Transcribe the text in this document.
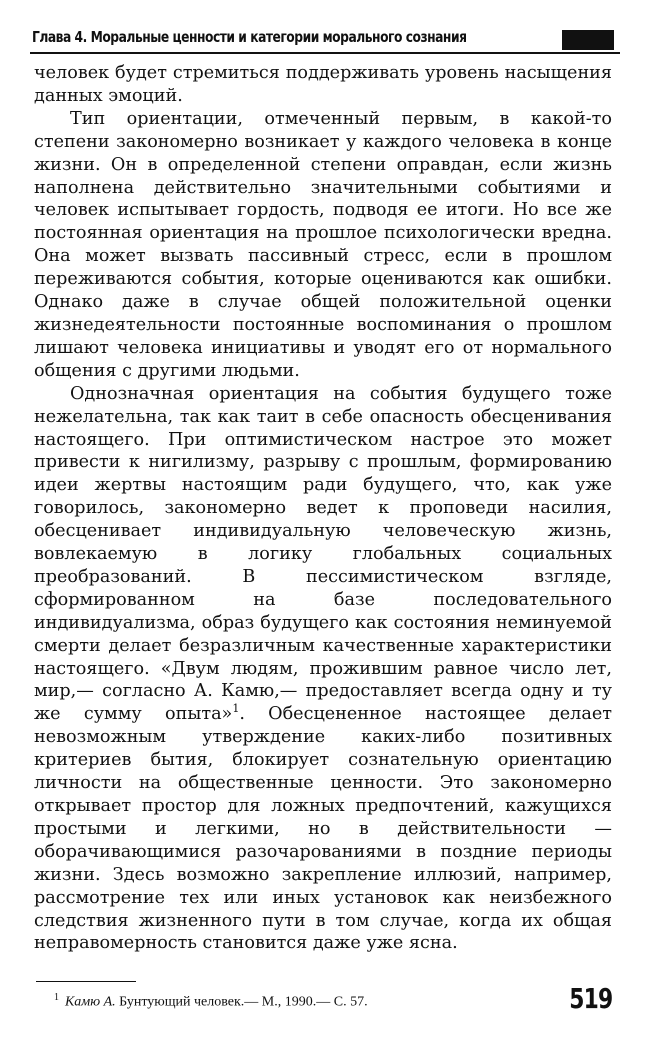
Глава 4. Моральные ценности и категории морального сознания

человек будет стремиться поддерживать уровень насыщения данных эмоций.

Тип ориентации, отмеченный первым, в какой-то степени закономерно возникает у каждого человека в конце жизни. Он в определенной степени оправдан, если жизнь наполнена действительно значительными событиями и человек испытывает гордость, подводя ее итоги. Но все же постоянная ориентация на прошлое психологически вредна. Она может вызвать пассивный стресс, если в прошлом переживаются события, которые оцениваются как ошибки. Однако даже в случае общей положительной оценки жизнедеятельности постоянные воспоминания о прошлом лишают человека инициативы и уводят его от нормального общения с другими людьми.

Однозначная ориентация на события будущего тоже нежелательна, так как таит в себе опасность обесценивания настоящего. При оптимистическом настрое это может привести к нигилизму, разрыву с прошлым, формированию идеи жертвы настоящим ради будущего, что, как уже говорилось, закономерно ведет к проповеди насилия, обесценивает индивидуальную человеческую жизнь, вовлекаемую в логику глобальных социальных преобразований. В пессимистическом взгляде, сформированном на базе последовательного индивидуализма, образ будущего как состояния неминуемой смерти делает безразличным качественные характеристики настоящего. «Двум людям, прожившим равное число лет, мир,— согласно А. Камю,— предоставляет всегда одну и ту же сумму опыта»$^1$. Обесцененное настоящее делает невозможным утверждение каких-либо позитивных критериев бытия, блокирует сознательную ориентацию личности на общественные ценности. Это закономерно открывает простор для ложных предпочтений, кажущихся простыми и легкими, но в действительности — оборачивающимися разочарованиями в поздние периоды жизни. Здесь возможно закрепление иллюзий, например, рассмотрение тех или иных установок как неизбежного следствия жизненного пути в том случае, когда их общая неправомерность становится даже уже ясна.

$^1$ Камю А. Бунтующий человек.— М., 1990.— С. 57.	519
